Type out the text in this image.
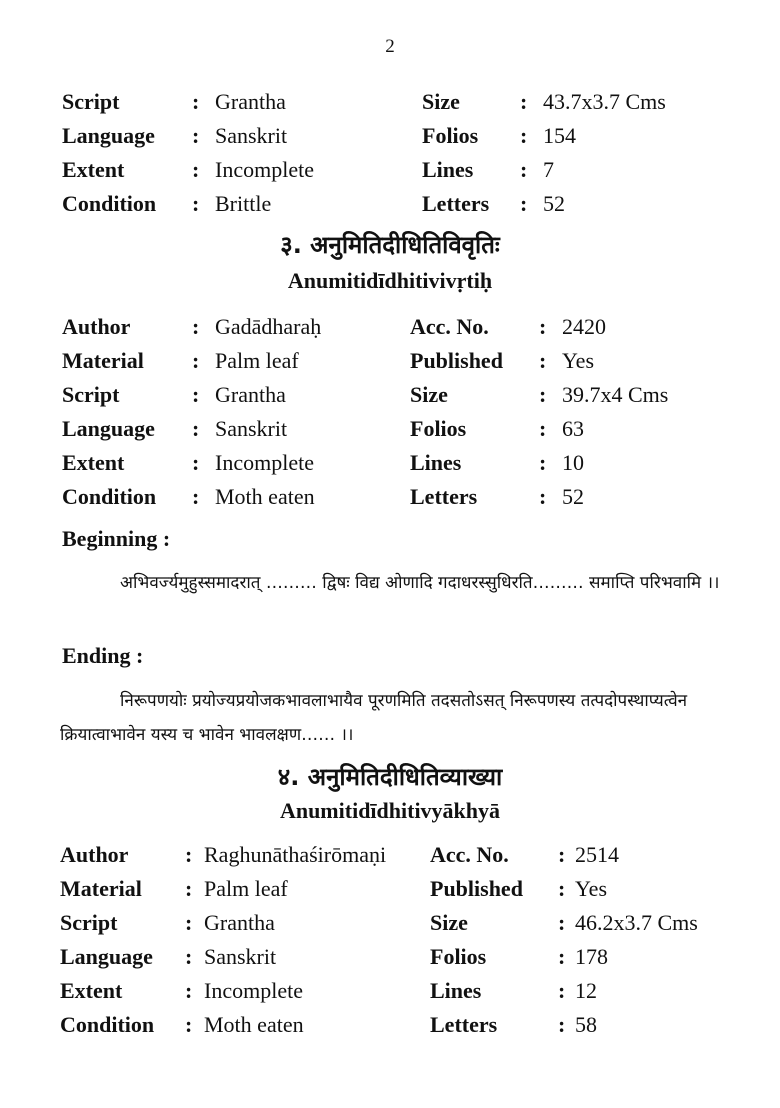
2
Script	: Grantha	Size	: 43.7x3.7 Cms
Language : Sanskrit	Folios : 154
Extent	: Incomplete	Lines : 7
Condition : Brittle	Letters : 52
३. अनुमितिदीधितिविवृतिः
Anumitidīdhitivivṛtiḥ
Author	: Gadādharaḥ	Acc. No. : 2420
Material : Palm leaf	Published : Yes
Script	: Grantha	Size	: 39.7x4 Cms
Language : Sanskrit	Folios	: 63
Extent	: Incomplete	Lines	: 10
Condition : Moth eaten	Letters	: 52
Beginning :
अभिवर्ज्यमुहुस्समादरात् ……… द्विषः विद्य ओणादि गदाधरस्सुधिरति……… समाप्ति परिभवामि ।।
Ending :
निरूपणयोः प्रयोज्यप्रयोजकभावलाभायैव पूरणमिति तदसतोऽसत् निरूपणस्य तत्पदोपस्थाप्यत्वेन क्रियात्वाभावेन यस्य च भावेन भावलक्षण…… ।।
४. अनुमितिदीधितिव्याख्या
Anumitidīdhitivyākhyā
Author	: Raghunāthaśirōmaṇi Acc. No. : 2514
Material : Palm leaf	Published : Yes
Script	: Grantha	Size	: 46.2x3.7 Cms
Language : Sanskrit	Folios	: 178
Extent	: Incomplete	Lines	: 12
Condition : Moth eaten	Letters	: 58
